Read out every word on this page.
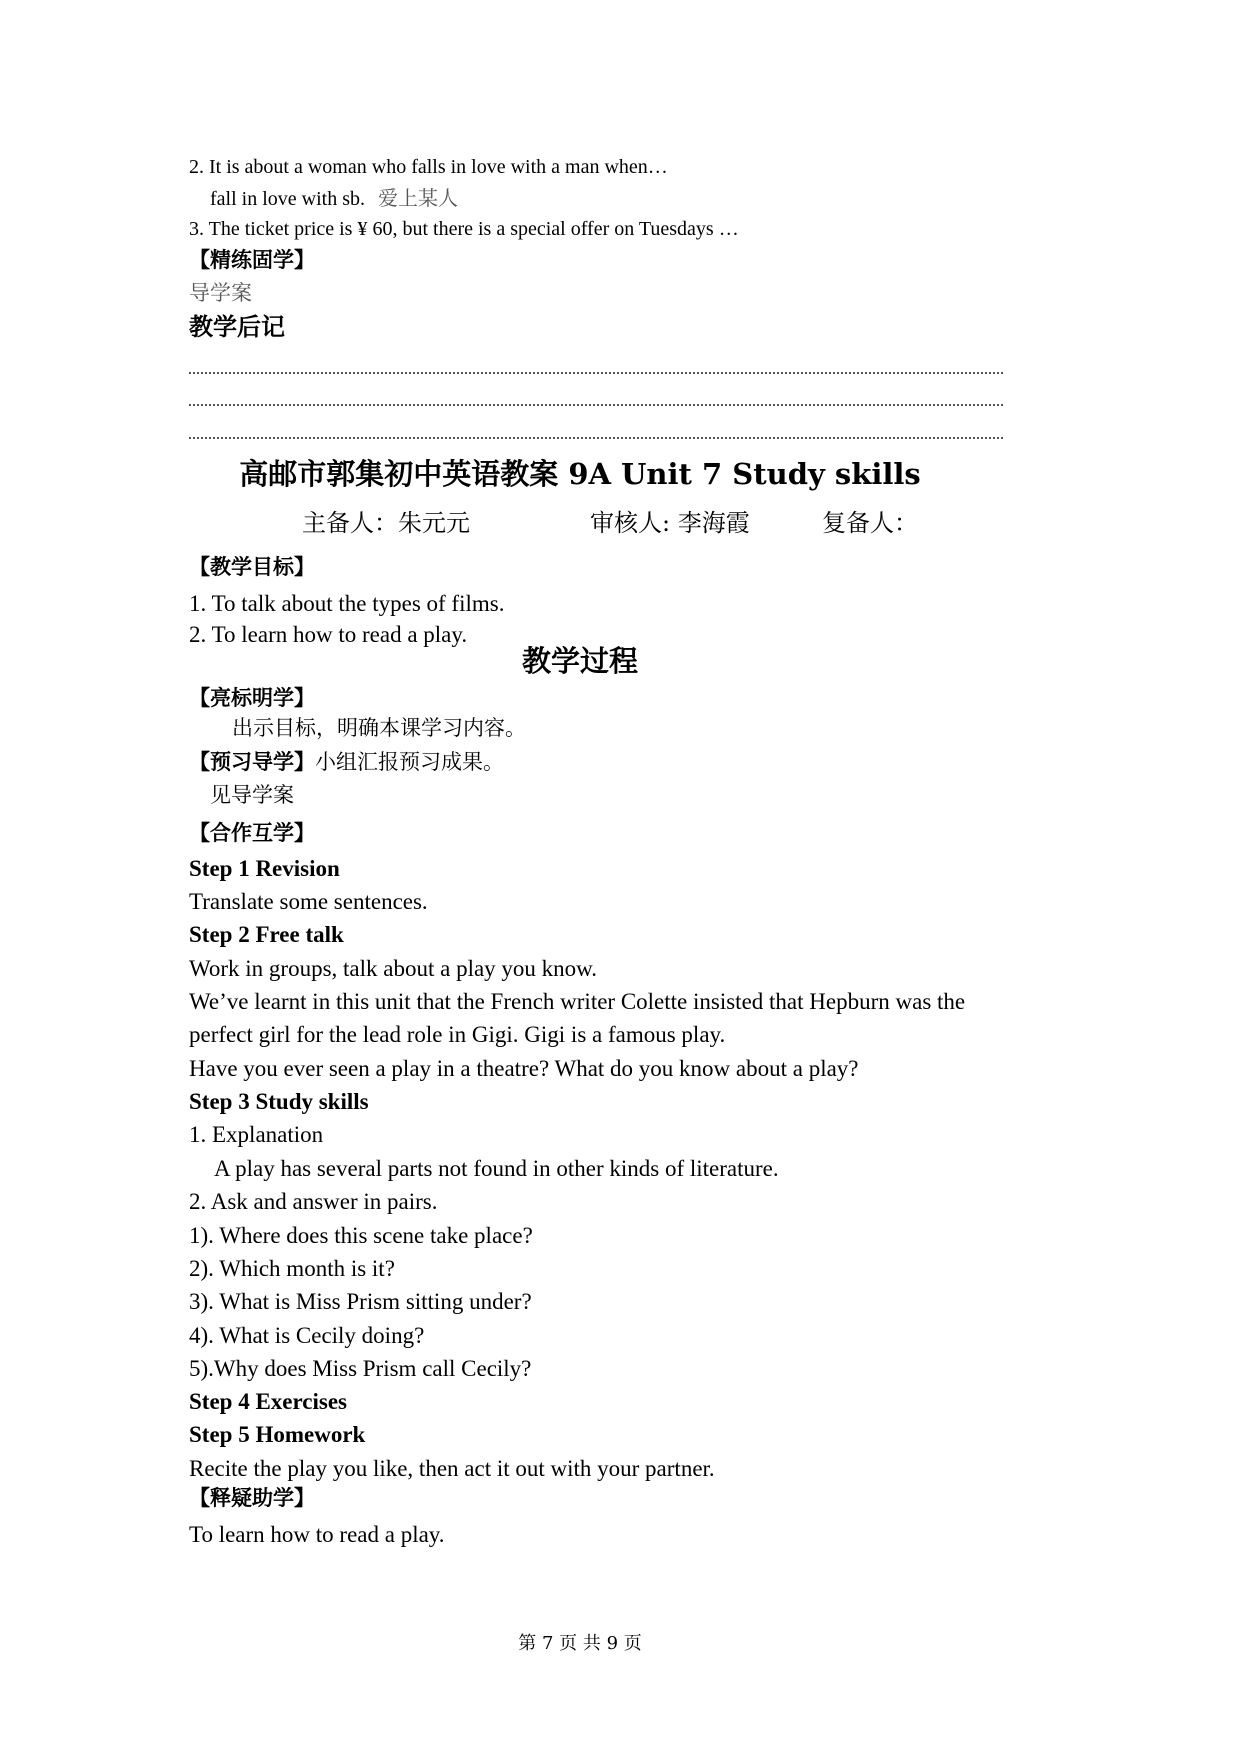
2. It is about a woman who falls in love with a man when…
fall in love with sb. 爱上某人
3. The ticket price is ¥ 60, but there is a special offer on Tuesdays …
【精练固学】
导学案
教学后记
高邮市郭集初中英语教案 9A Unit 7 Study skills
主备人：朱元元	审核人: 李海霞	复备人：
【教学目标】
1. To talk about the types of films.
2. To learn how to read a play.
教学过程
【亮标明学】
出示目标，明确本课学习内容。
【预习导学】小组汇报预习成果。
见导学案
【合作互学】
Step 1 Revision
Translate some sentences.
Step 2 Free talk
Work in groups, talk about a play you know.
We’ve learnt in this unit that the French writer Colette insisted that Hepburn was the
perfect girl for the lead role in Gigi. Gigi is a famous play.
Have you ever seen a play in a theatre? What do you know about a play?
Step 3 Study skills
1. Explanation
A play has several parts not found in other kinds of literature.
2. Ask and answer in pairs.
1). Where does this scene take place?
2). Which month is it?
3). What is Miss Prism sitting under?
4). What is Cecily doing?
5).Why does Miss Prism call Cecily?
Step 4 Exercises
Step 5 Homework
Recite the play you like, then act it out with your partner.
【释疑助学】
To learn how to read a play.
第 7 页 共 9 页
